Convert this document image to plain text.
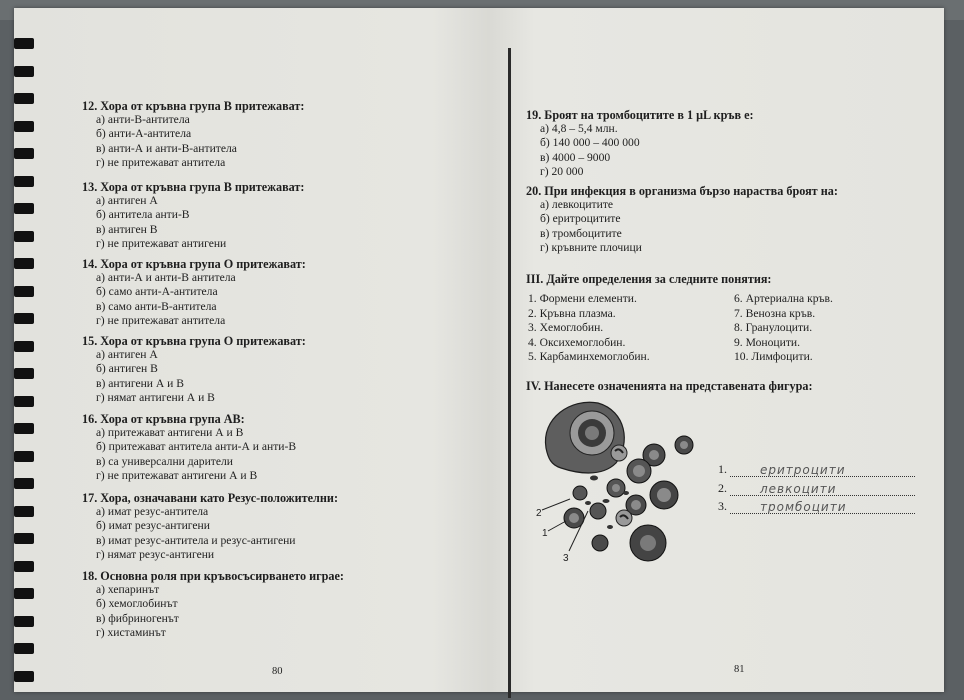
12. Хора от кръвна група В притежават:
а) анти-В-антитела
б) анти-А-антитела
в) анти-А и анти-В-антитела
г) не притежават антитела
13. Хора от кръвна група В притежават:
а) антиген А
б) антитела анти-В
в) антиген В
г) не притежават антигени
14. Хора от кръвна група О притежават:
а) анти-А и анти-В антитела
б) само анти-А-антитела
в) само анти-В-антитела
г) не притежават антитела
15. Хора от кръвна група О притежават:
а) антиген А
б) антиген В
в) антигени А и В
г) нямат антигени А и В
16. Хора от кръвна група АВ:
а) притежават антигени А и В
б) притежават антитела анти-А и анти-В
в) са универсални дарители
г) не притежават антигени А и В
17. Хора, означавани като Резус-положителни:
а) имат резус-антитела
б) имат резус-антигени
в) имат резус-антитела и резус-антигени
г) нямат резус-антигени
18. Основна роля при кръвосъсирването играе:
а) хепаринът
б) хемоглобинът
в) фибриногенът
г) хистаминът
80
19. Броят на тромбоцитите в 1 μL кръв е:
а) 4,8 – 5,4 млн.
б) 140 000 – 400 000
в) 4000 – 9000
г) 20 000
20. При инфекция в организма бързо нараства броят на:
а) левкоцитите
б) еритроцитите
в) тромбоцитите
г) кръвните плочици
III. Дайте определения за следните понятия:
1. Формени елементи.
2. Кръвна плазма.
3. Хемоглобин.
4. Оксихемоглобин.
5. Карбаминхемоглобин.
6. Артериална кръв.
7. Венозна кръв.
8. Гранулоцити.
9. Моноцити.
10. Лимфоцити.
IV. Нанесете означенията на представената фигура:
2
1
3
1.	еритроцити
2.	левкоцити
3.	тромбоцити
81
